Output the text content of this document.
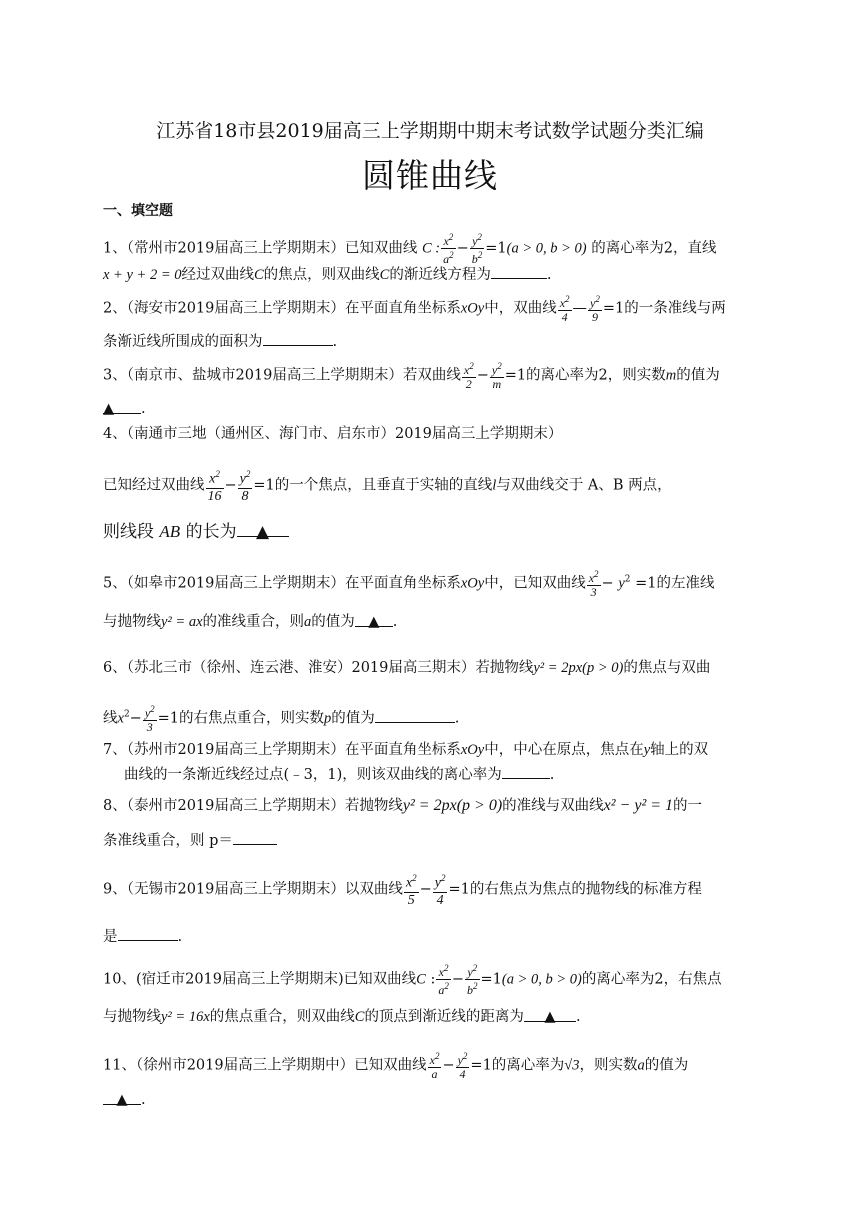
江苏省18市县2019届高三上学期期中期末考试数学试题分类汇编
圆锥曲线
一、填空题
1、（常州市2019届高三上学期期末）已知双曲线 C : $\frac{x^2}{a^2} - \frac{y^2}{b^2} =1(a > 0$, b > 0) 的离心率为2，直线
x + y + 2 = 0经过双曲线C的焦点，则双曲线C的渐近线方程为	.
2、（海安市2019届高三上学期期末）在平面直角坐标系xOy中，双曲线 $\frac{x^2}{4}$ — $\frac{y^2}{9} =1$的一条准线与两
条渐近线所围成的面积为	.
3、（南京市、盐城市2019届高三上学期期末）若双曲线 $\frac{x^2}{2} - \frac{y^2}{m} =1$的离心率为2，则实数m的值为
▲ .
4、（南通市三地（通州区、海门市、启东市）2019届高三上学期期末）
已知经过双曲线 $\frac{x^2}{16} - \frac{y^2}{8} =1$的一个焦点，且垂直于实轴的直线l与双曲线交于 A、B 两点，
则线段 AB 的长为 ▲
5、（如皋市2019届高三上学期期末）在平面直角坐标系xOy中，已知双曲线 $\frac{x^2}{3} - y^2 =1$的左准线
与抛物线y² = ax的准线重合，则a的值为 ▲ .
6、（苏北三市（徐州、连云港、淮安）2019届高三期末）若抛物线y² = 2px(p > 0)的焦点与双曲
线$x^2- \frac{y^2}{3} =1$的右焦点重合，则实数p的值为	.
7、（苏州市2019届高三上学期期末）在平面直角坐标系xOy中，中心在原点，焦点在y轴上的双
曲线的一条渐近线经过点(﹣3，1)，则该双曲线的离心率为	.
8、（泰州市2019届高三上学期期末）若抛物线y² = 2px(p > 0)的准线与双曲线x² − y² = 1的一
条准线重合，则 p＝
9、（无锡市2019届高三上学期期末）以双曲线 $\frac{x^2}{5} - \frac{y^2}{4} =1$的右焦点为焦点的抛物线的标准方程
是	.
10、(宿迁市2019届高三上学期期末)已知双曲线C : $\frac{x^2}{a^2} - \frac{y^2}{b^2} =1(a > 0$, b > 0)的离心率为2，右焦点
与抛物线y² = 16x的焦点重合，则双曲线C的顶点到渐近线的距离为 ▲ .
11、（徐州市2019届高三上学期期中）已知双曲线 $\frac{x^2}{a} - \frac{y^2}{4} =1$的离心率为√3，则实数a的值为
▲ .
